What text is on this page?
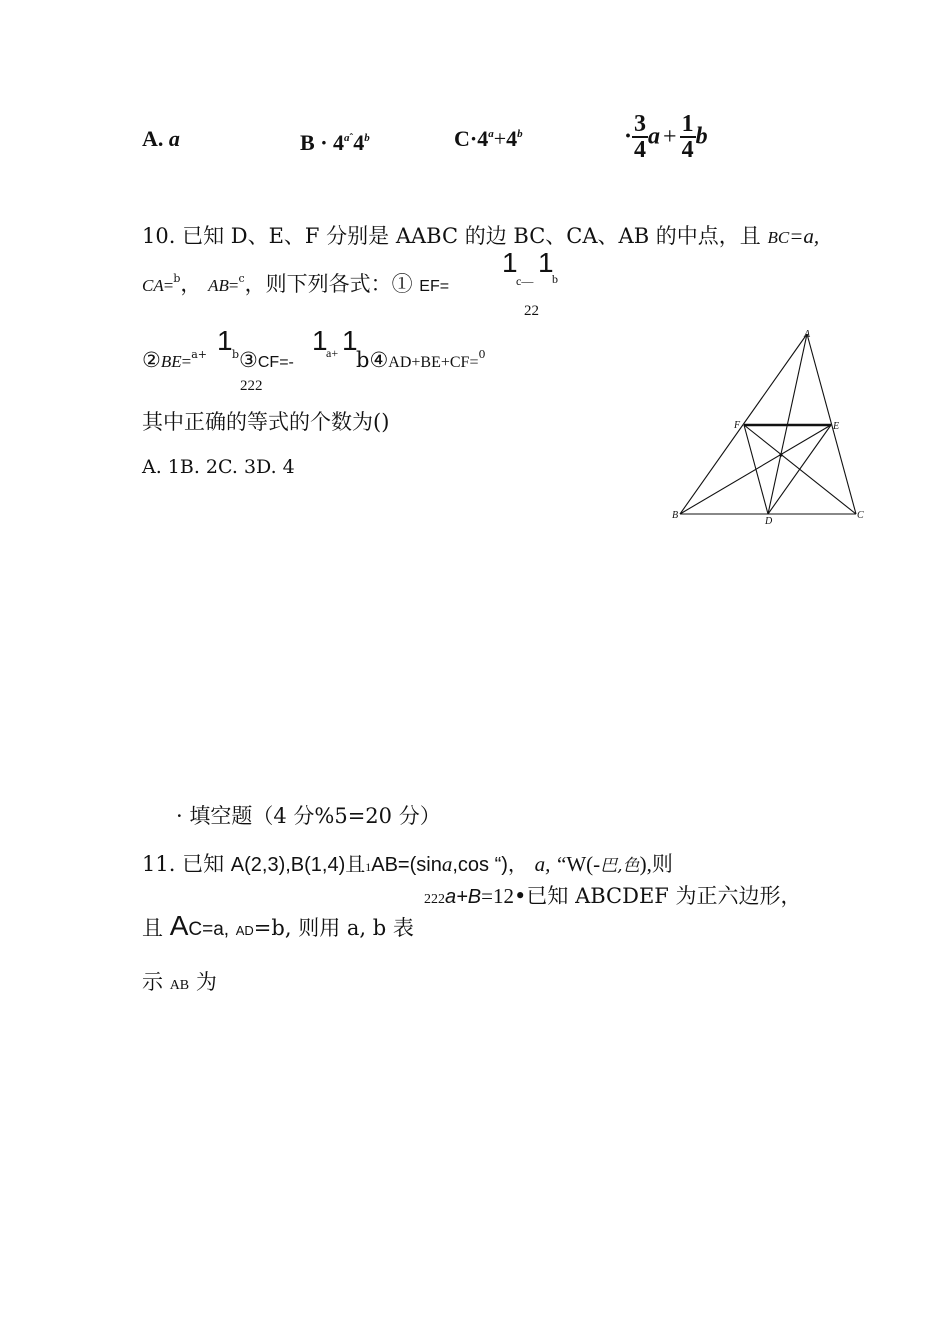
A. a	$B \cdot 4^{aˆ}4^b$	$C\cdot 4^a+4^b$	· $\frac{3}{4}$ $a + \frac{1}{4}$ b
10. 已知 D、E、F 分别是 AABC 的边 BC、CA、AB 的中点，且 BC=a,
CA=$^b$， AB=$^c$，则下列各式：① EF=
1
c—
1
b
22
②BE=$^{a+}$ 1 $^b$③CF=-
1
a+ 1
b④AD+BE+CF=$^0$
222
其中正确的等式的个数为()
A. 1B. 2C. 3D. 4
A
F	E
B
D
C
· 填空题（4 分%5=20 分）
11. 已知 A(2,3),B(1,4)且1AB=(sina,cos “)， a, “W(-巴,色),则
222a+B=12•已知 ABCDEF 为正六边形，
且 AC=a, AD=b, 则用 a, b 表
示 AB 为
